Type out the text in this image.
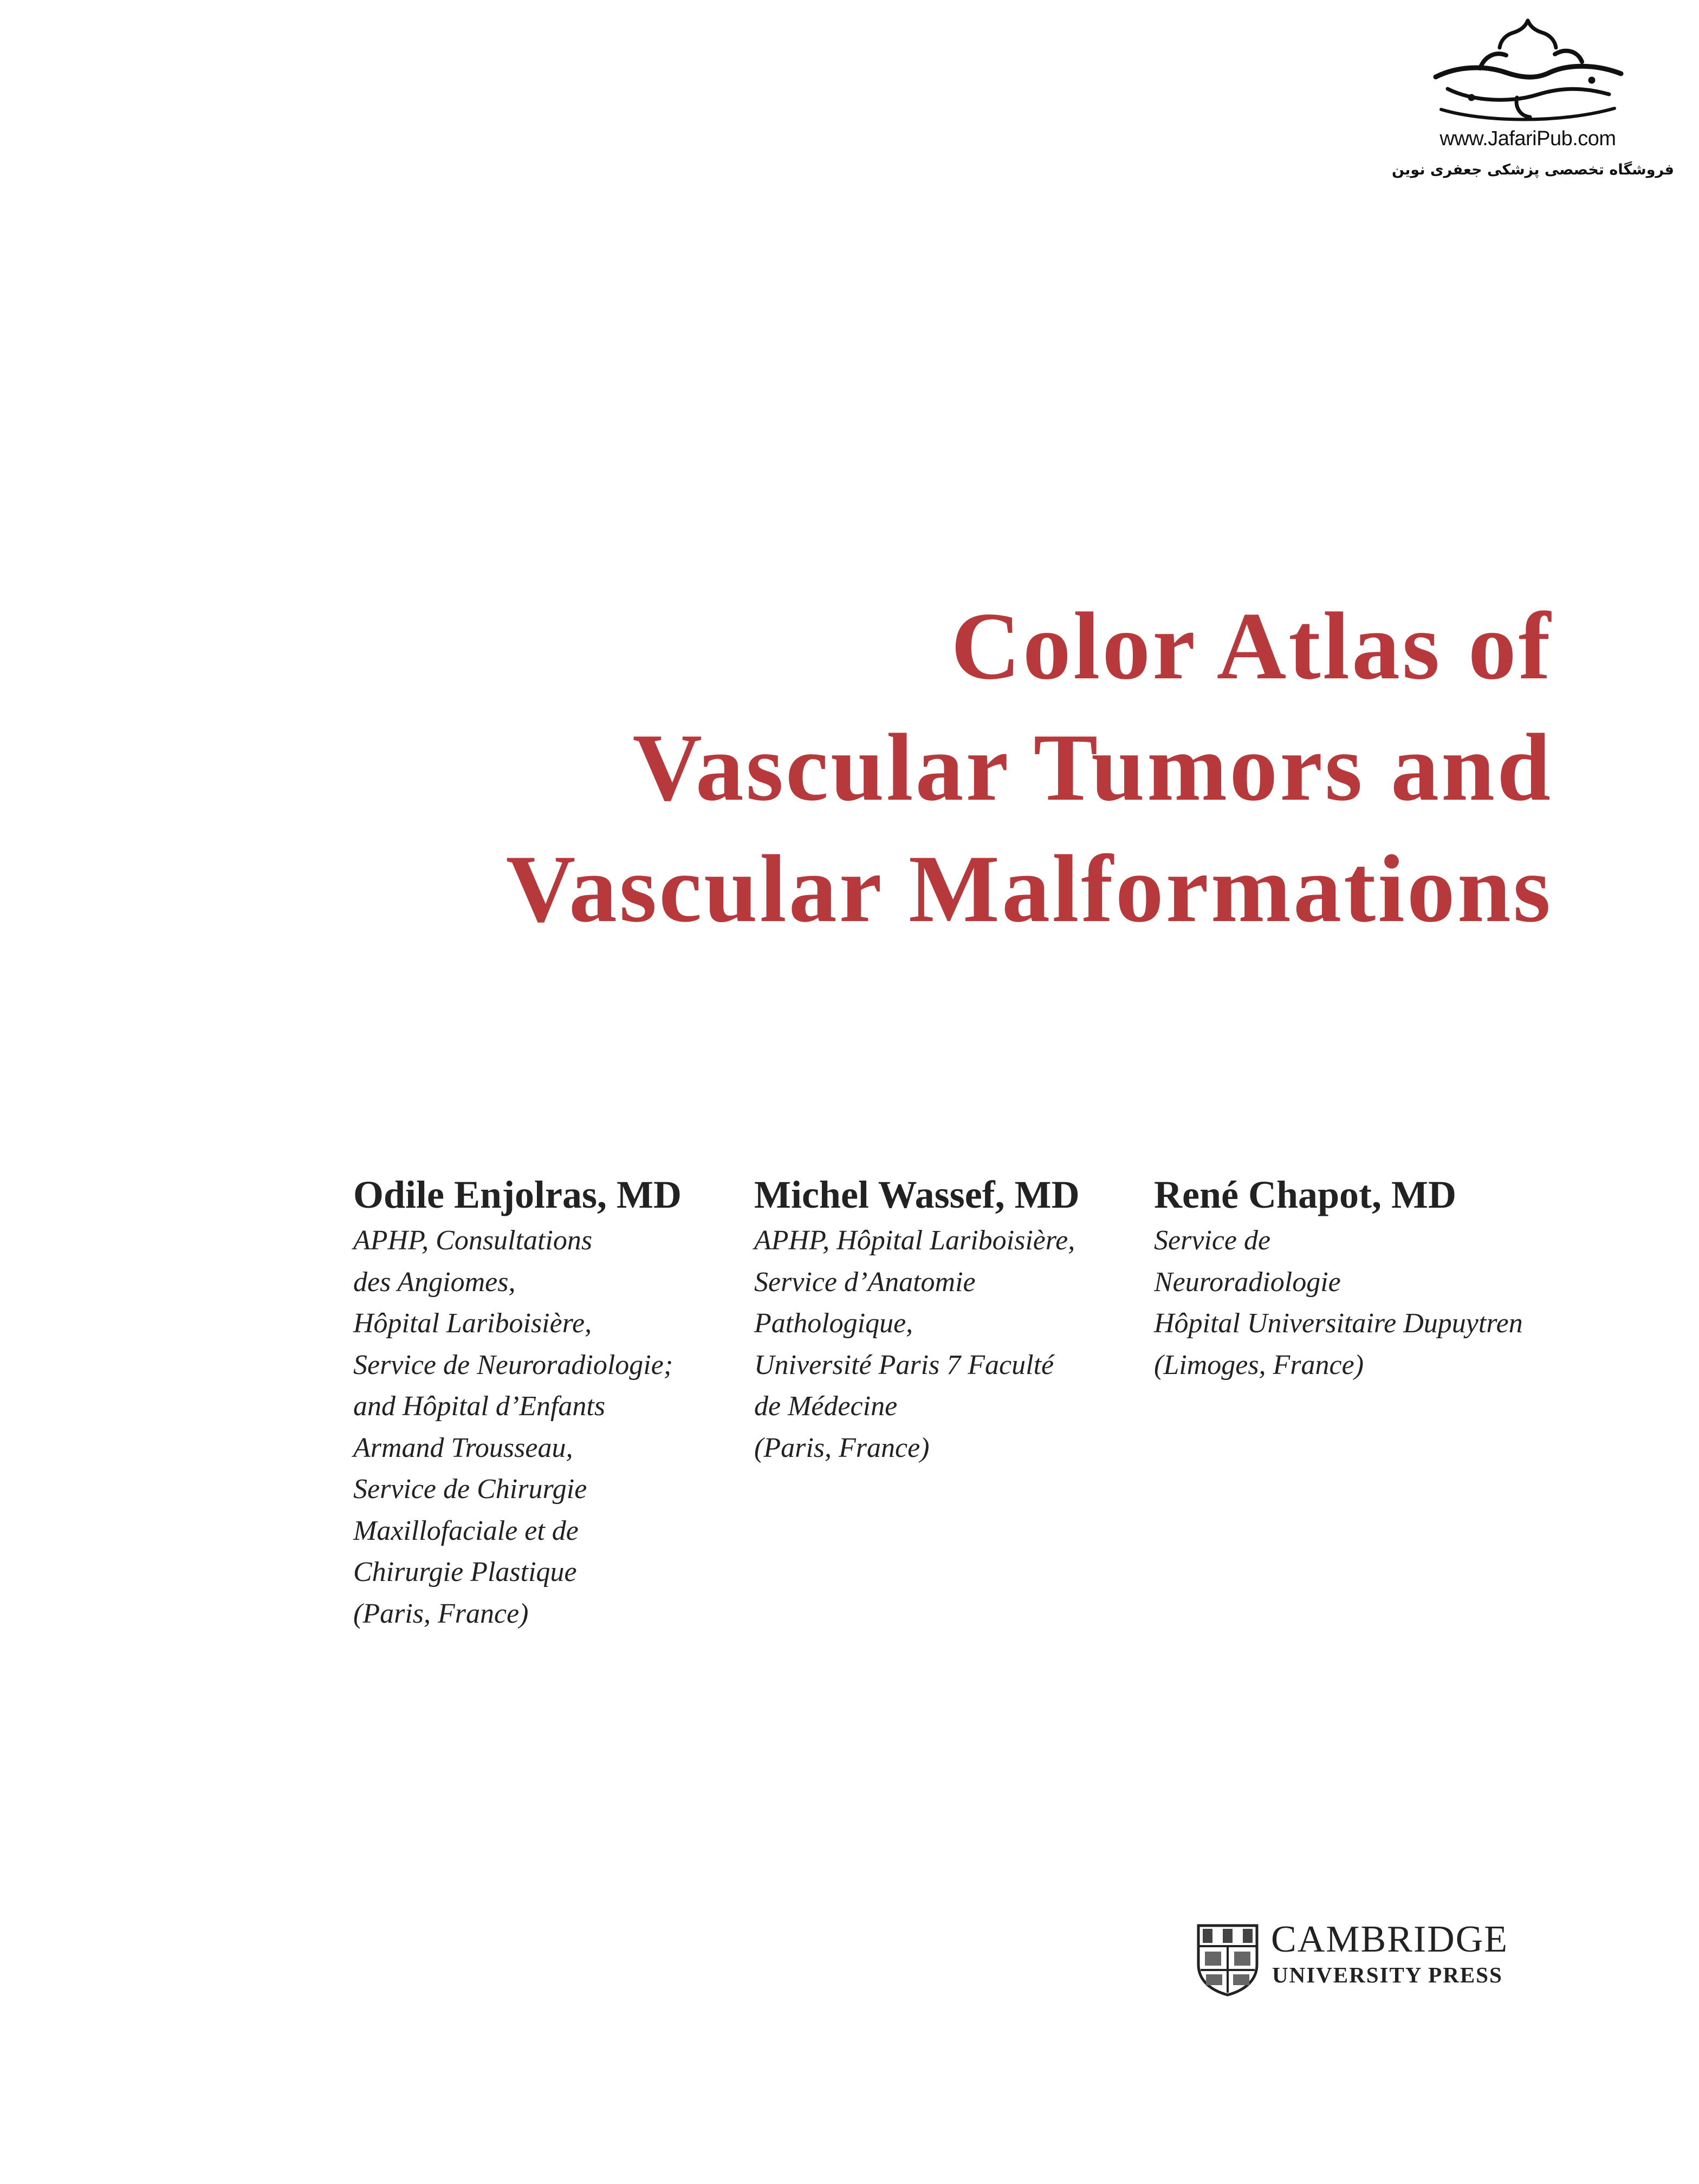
www.JafariPub.com
فروشگاه تخصصی پزشکی جعفری نوین
Color Atlas of
Vascular Tumors and
Vascular Malformations
Odile Enjolras, MD
APHP, Consultations
des Angiomes,
Hôpital Lariboisière,
Service de Neuroradiologie;
and Hôpital d’Enfants
Armand Trousseau,
Service de Chirurgie
Maxillofaciale et de
Chirurgie Plastique
(Paris, France)
Michel Wassef, MD
APHP, Hôpital Lariboisière,
Service d’Anatomie
Pathologique,
Université Paris 7 Faculté
de Médecine
(Paris, France)
René Chapot, MD
Service de
Neuroradiologie
Hôpital Universitaire Dupuytren
(Limoges, France)
CAMBRIDGE
UNIVERSITY PRESS
